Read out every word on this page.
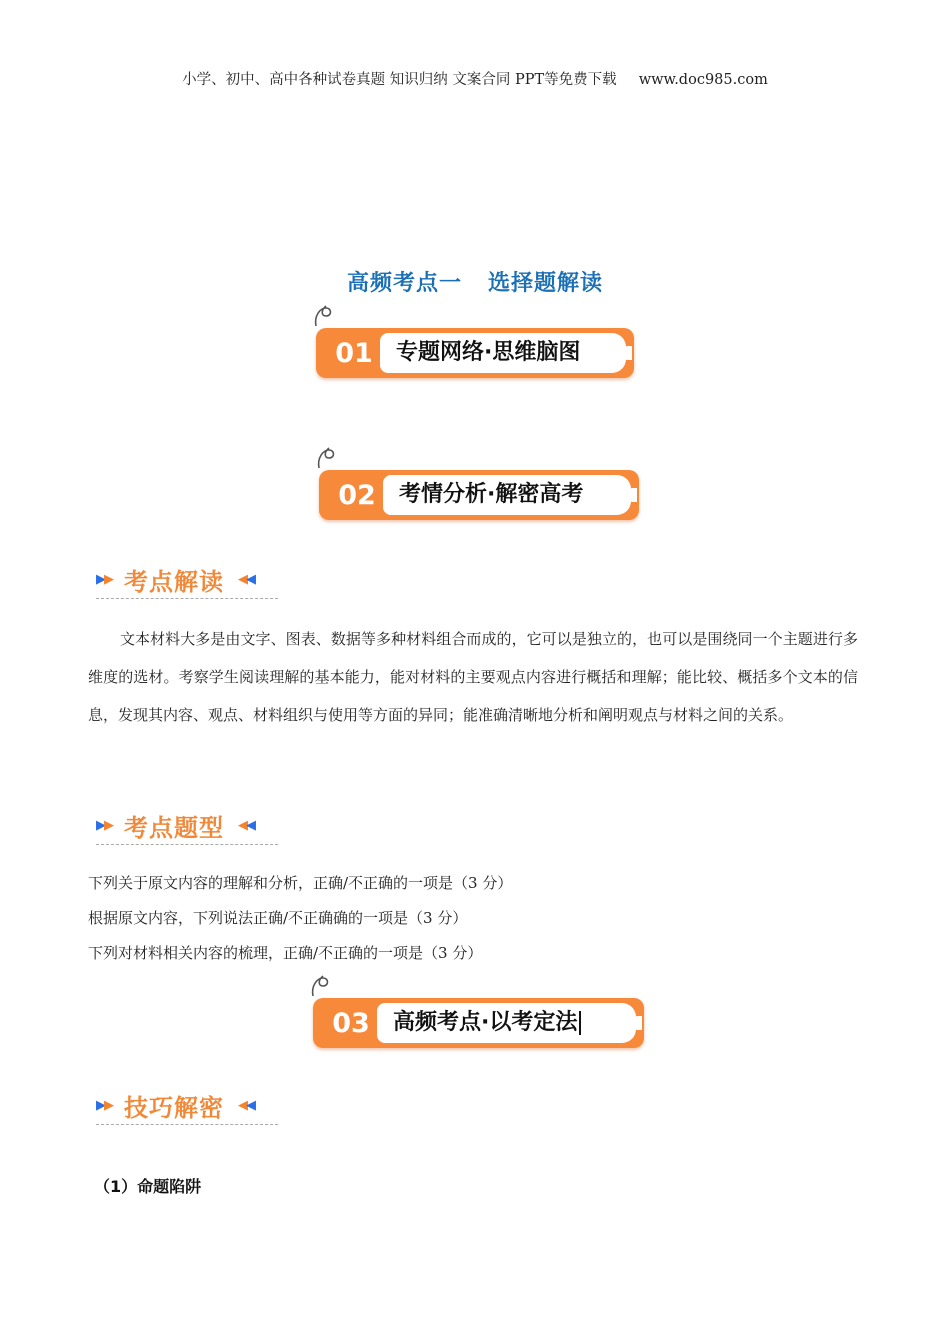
小学、初中、高中各种试卷真题 知识归纳 文案合同 PPT等免费下载 www.doc985.com
高频考点一 选择题解读
01	专题网络·思维脑图
02	考情分析·解密高考
▶▶ 考点解读 ◀◀

文本材料大多是由文字、图表、数据等多种材料组合而成的，它可以是独立的，也可以是围绕同一个主题进行多维度的选材。考察学生阅读理解的基本能力，能对材料的主要观点内容进行概括和理解；能比较、概括多个文本的信息，发现其内容、观点、材料组织与使用等方面的异同；能准确清晰地分析和阐明观点与材料之间的关系。

▶▶ 考点题型 ◀◀
下列关于原文内容的理解和分析，正确/不正确的一项是（3 分）
根据原文内容，下列说法正确/不正确确的一项是（3 分）
下列对材料相关内容的梳理，正确/不正确的一项是（3 分）
03	高频考点·以考定法
▶▶ 技巧解密 ◀◀
（1）命题陷阱
